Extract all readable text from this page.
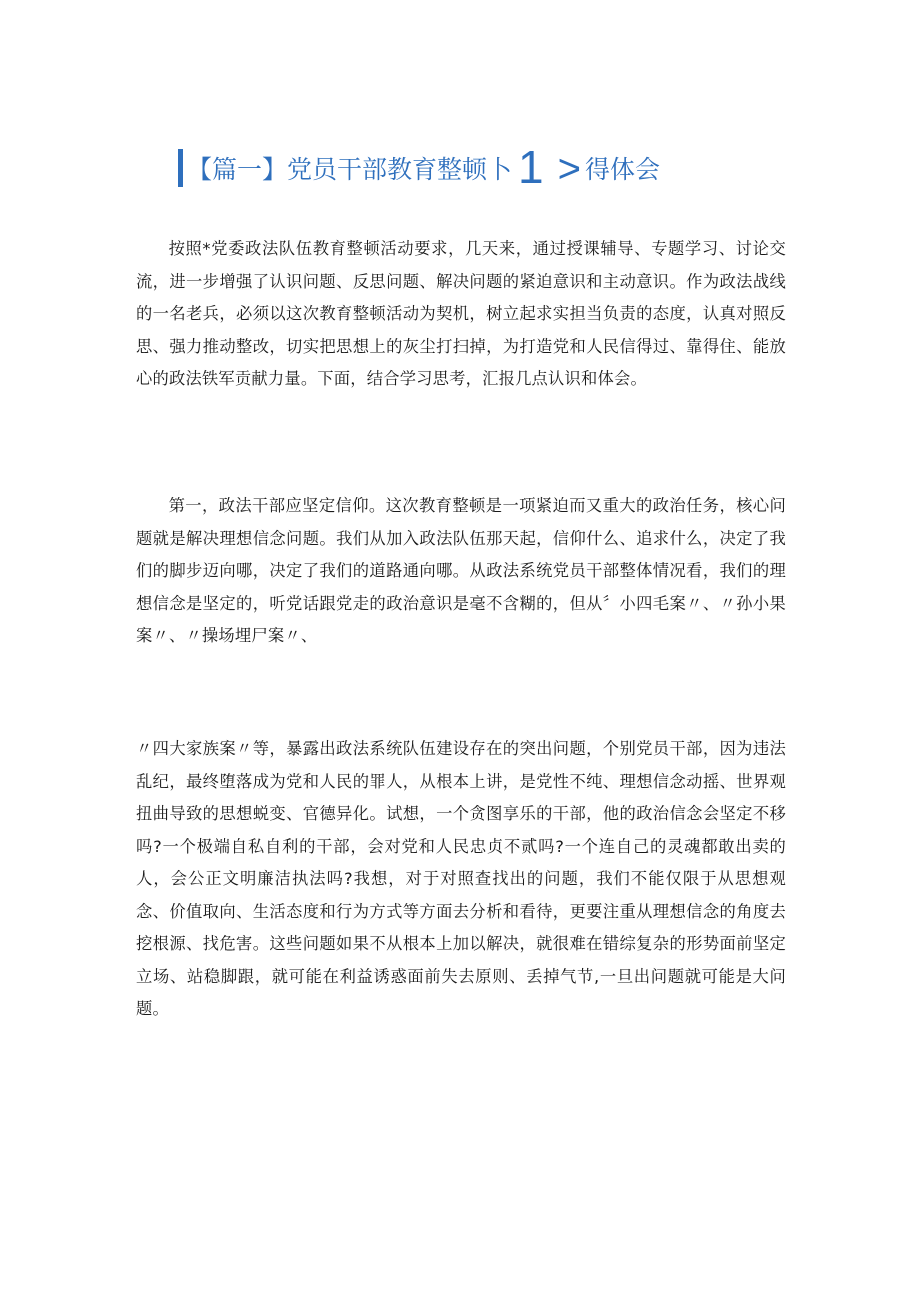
【篇一】党员干部教育整顿卜 1 > 得体会

按照*党委政法队伍教育整顿活动要求，几天来，通过授课辅导、专题学习、讨论交流，进一步增强了认识问题、反思问题、解决问题的紧迫意识和主动意识。作为政法战线的一名老兵，必须以这次教育整顿活动为契机，树立起求实担当负责的态度，认真对照反思、强力推动整改，切实把思想上的灰尘打扫掉，为打造党和人民信得过、靠得住、能放心的政法铁军贡献力量。下面，结合学习思考，汇报几点认识和体会。

第一，政法干部应坚定信仰。这次教育整顿是一项紧迫而又重大的政治任务，核心问题就是解决理想信念问题。我们从加入政法队伍那天起，信仰什么、追求什么，决定了我们的脚步迈向哪，决定了我们的道路通向哪。从政法系统党员干部整体情况看，我们的理想信念是坚定的，听党话跟党走的政治意识是毫不含糊的，但从〞小四毛案〃、〃孙小果案〃、〃操场埋尸案〃、

〃四大家族案〃等，暴露出政法系统队伍建设存在的突出问题，个别党员干部，因为违法乱纪，最终堕落成为党和人民的罪人，从根本上讲，是党性不纯、理想信念动摇、世界观扭曲导致的思想蜕变、官德异化。试想，一个贪图享乐的干部，他的政治信念会坚定不移吗?一个极端自私自利的干部，会对党和人民忠贞不贰吗?一个连自己的灵魂都敢出卖的人，会公正文明廉洁执法吗?我想，对于对照查找出的问题，我们不能仅限于从思想观念、价值取向、生活态度和行为方式等方面去分析和看待，更要注重从理想信念的角度去挖根源、找危害。这些问题如果不从根本上加以解决，就很难在错综复杂的形势面前坚定立场、站稳脚跟，就可能在利益诱惑面前失去原则、丢掉气节,一旦出问题就可能是大问题。
